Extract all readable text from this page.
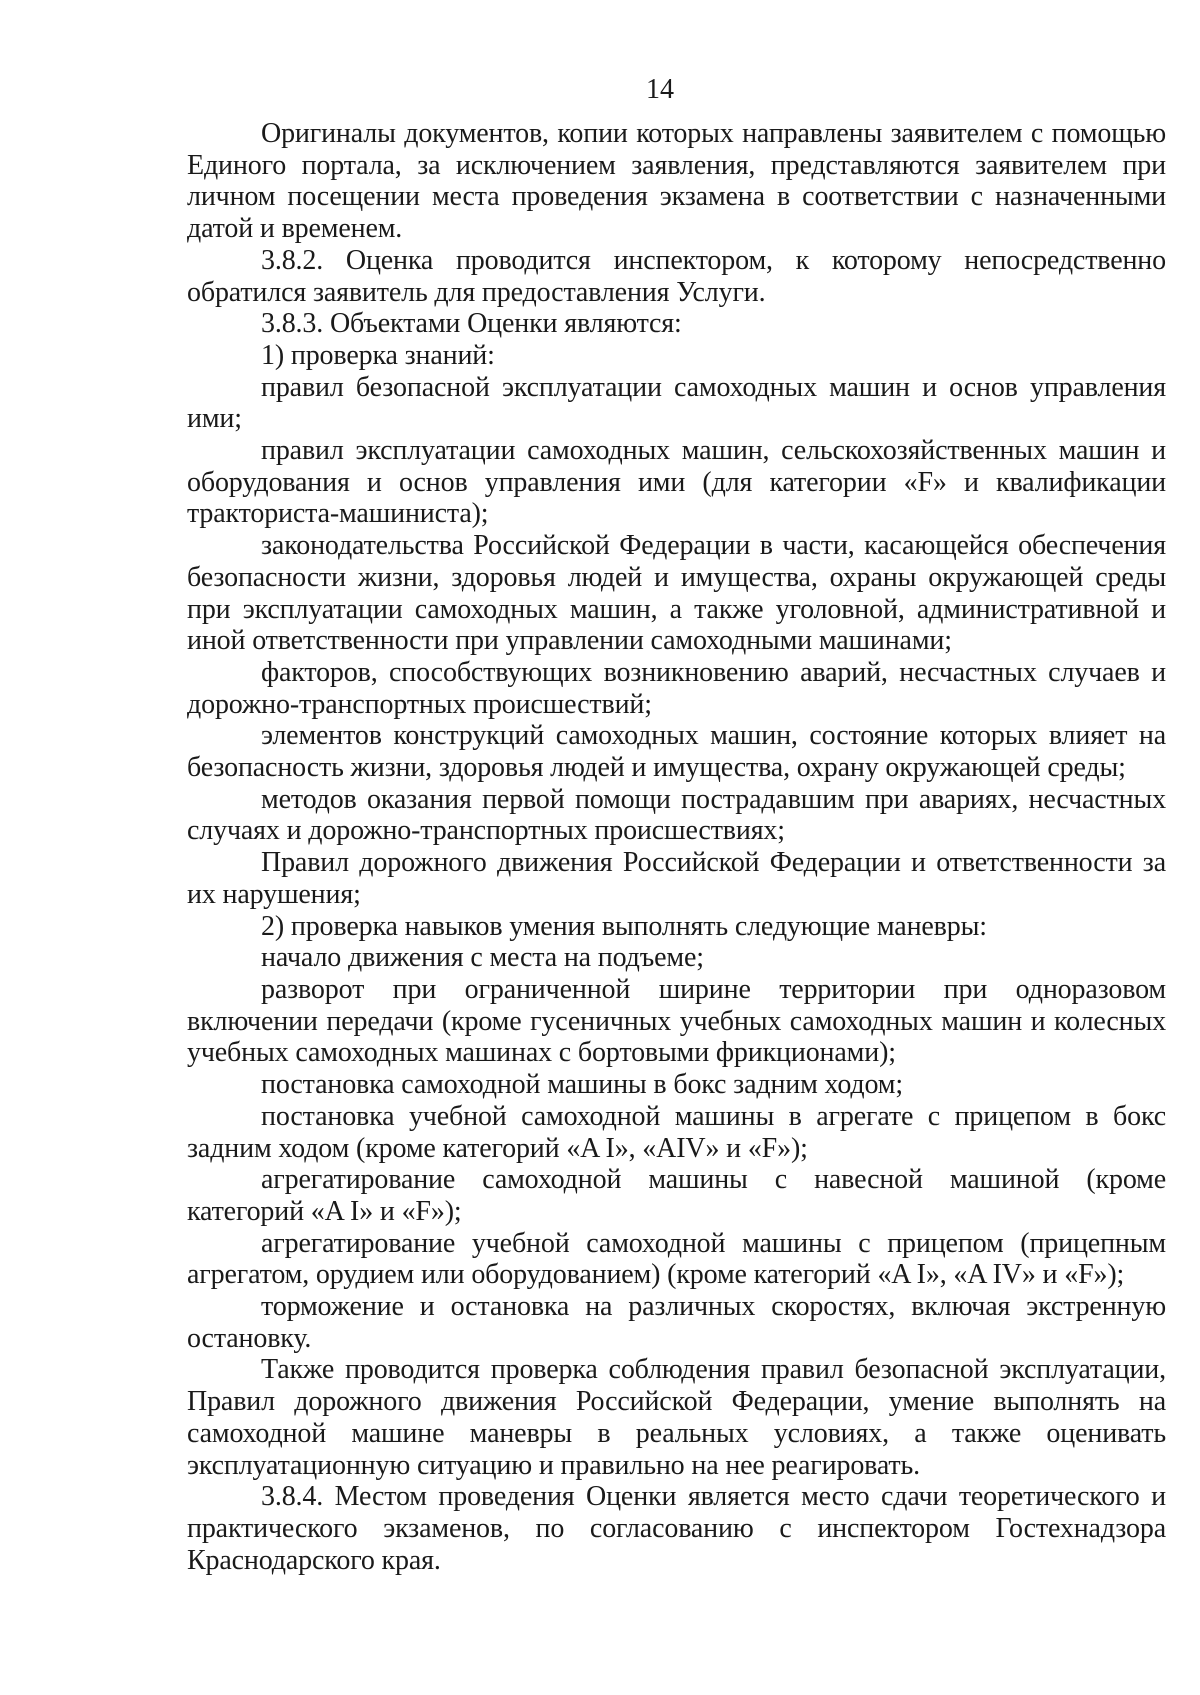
14

Оригиналы документов, копии которых направлены заявителем с помощью Единого портала, за исключением заявления, представляются заявителем при личном посещении места проведения экзамена в соответствии с назначенными датой и временем.

3.8.2. Оценка проводится инспектором, к которому непосредственно обратился заявитель для предоставления Услуги.

3.8.3. Объектами Оценки являются:

1) проверка знаний:

правил безопасной эксплуатации самоходных машин и основ управления ими;

правил эксплуатации самоходных машин, сельскохозяйственных машин и оборудования и основ управления ими (для категории «F» и квалификации тракториста-машиниста);

законодательства Российской Федерации в части, касающейся обеспечения безопасности жизни, здоровья людей и имущества, охраны окружающей среды при эксплуатации самоходных машин, а также уголовной, административной и иной ответственности при управлении самоходными машинами;

факторов, способствующих возникновению аварий, несчастных случаев и дорожно-транспортных происшествий;

элементов конструкций самоходных машин, состояние которых влияет на безопасность жизни, здоровья людей и имущества, охрану окружающей среды;

методов оказания первой помощи пострадавшим при авариях, несчастных случаях и дорожно-транспортных происшествиях;

Правил дорожного движения Российской Федерации и ответственности за их нарушения;

2) проверка навыков умения выполнять следующие маневры:

начало движения с места на подъеме;

разворот при ограниченной ширине территории при одноразовом включении передачи (кроме гусеничных учебных самоходных машин и колесных учебных самоходных машинах с бортовыми фрикционами);

постановка самоходной машины в бокс задним ходом;

постановка учебной самоходной машины в агрегате с прицепом в бокс задним ходом (кроме категорий «A I», «AIV» и «F»);

агрегатирование самоходной машины с навесной машиной (кроме категорий «A I» и «F»);

агрегатирование учебной самоходной машины с прицепом (прицепным агрегатом, орудием или оборудованием) (кроме категорий «A I», «A IV» и «F»);

торможение и остановка на различных скоростях, включая экстренную остановку.

Также проводится проверка соблюдения правил безопасной эксплуатации, Правил дорожного движения Российской Федерации, умение выполнять на самоходной машине маневры в реальных условиях, а также оценивать эксплуатационную ситуацию и правильно на нее реагировать.

3.8.4. Местом проведения Оценки является место сдачи теоретического и практического экзаменов, по согласованию с инспектором Гостехнадзора Краснодарского края.
